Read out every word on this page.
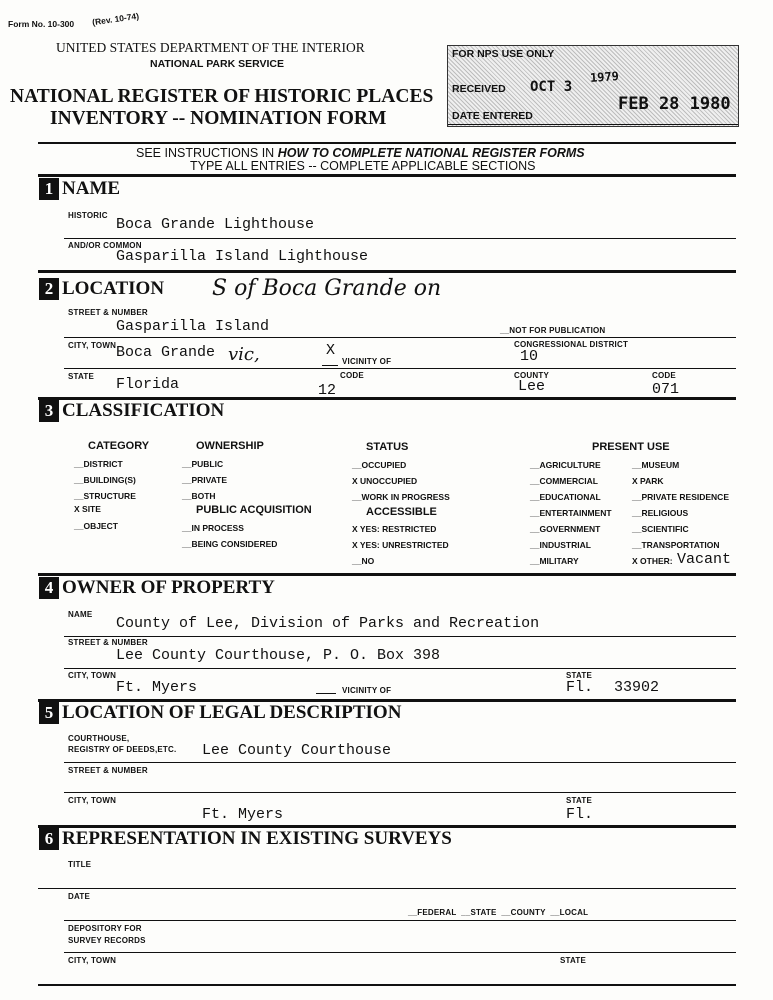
Form No. 10-300 (Rev. 10-74)
UNITED STATES DEPARTMENT OF THE INTERIOR
NATIONAL PARK SERVICE
NATIONAL REGISTER OF HISTORIC PLACES
INVENTORY -- NOMINATION FORM
FOR NPS USE ONLY
RECEIVED OCT 3
1979
FEB 28 1980
DATE ENTERED
SEE INSTRUCTIONS IN HOW TO COMPLETE NATIONAL REGISTER FORMS
TYPE ALL ENTRIES -- COMPLETE APPLICABLE SECTIONS
1 NAME
HISTORIC
Boca Grande Lighthouse
AND/OR COMMON
Gasparilla Island Lighthouse
2 LOCATION S of Boca Grande on
STREET & NUMBER
Gasparilla Island	__NOT FOR PUBLICATION
CITY, TOWN Boca Grande vic,	X
VICINITY OF
CONGRESSIONAL DISTRICT
10
STATE Florida
CODE
12
COUNTY
Lee
CODE
071
3 CLASSIFICATION
CATEGORY
__DISTRICT
__BUILDING(S)
__STRUCTURE
X SITE
__OBJECT
OWNERSHIP
__PUBLIC
__PRIVATE
__BOTH
PUBLIC ACQUISITION
__IN PROCESS
__BEING CONSIDERED
STATUS
__OCCUPIED
X UNOCCUPIED
__WORK IN PROGRESS
ACCESSIBLE
X YES: RESTRICTED
X YES: UNRESTRICTED
__NO
PRESENT USE
__AGRICULTURE
__COMMERCIAL
__EDUCATIONAL
__ENTERTAINMENT
__GOVERNMENT
__INDUSTRIAL
__MILITARY
__MUSEUM
X PARK
__PRIVATE RESIDENCE
__RELIGIOUS
__SCIENTIFIC
__TRANSPORTATION
X OTHER: Vacant
4 OWNER OF PROPERTY
NAME
County of Lee, Division of Parks and Recreation
STREET & NUMBER
Lee County Courthouse, P. O. Box 398
CITY, TOWN
Ft. Myers	VICINITY OF
STATE
Fl. 33902
5 LOCATION OF LEGAL DESCRIPTION
COURTHOUSE,
REGISTRY OF DEEDS,ETC. Lee County Courthouse
STREET & NUMBER
CITY, TOWN
Ft. Myers
STATE
Fl.
6 REPRESENTATION IN EXISTING SURVEYS
TITLE
DATE
__FEDERAL  __STATE  __COUNTY  __LOCAL
DEPOSITORY FOR
SURVEY RECORDS
CITY, TOWN	STATE
